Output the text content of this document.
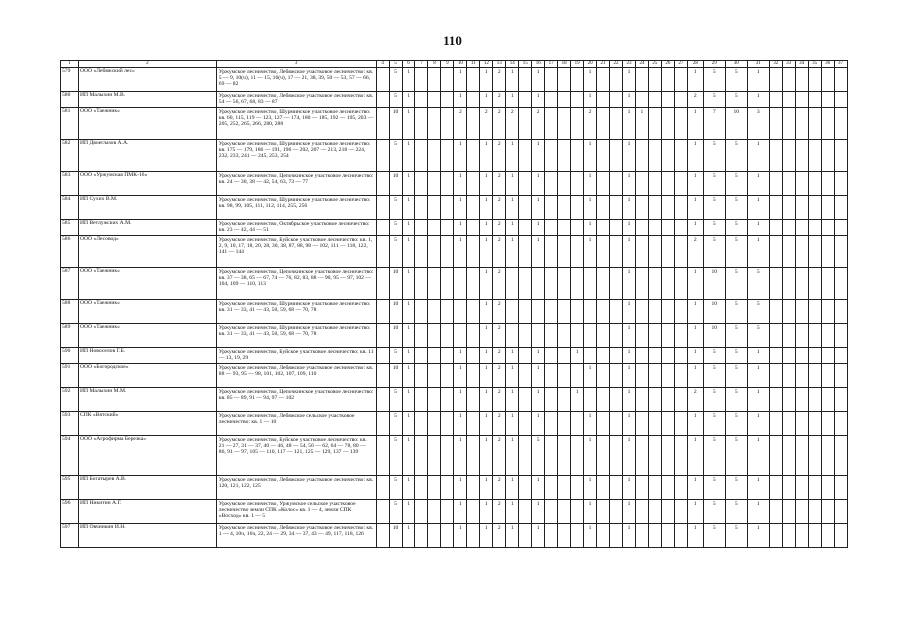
110
1	2	3	4	5	6	7	8	9	10	11	12	13	14	15	16	17	18	19	20	21	22	23	24	25	26	27	28	29	30	31	32	33	34	35	36	37
579	ООО «Лебяжский лес»	Уржумское лесничество, Лебяжское участковое лесничество: кв. 5 — 9, 10(ч), 11 — 15, 16(ч), 17 — 21, 38, 39, 50 — 53, 57 — 66, 69 — 82		5	1				1		1	2	1		1				1			1					1	5	5	1						
580	ИП Малыхин М.В.	Уржумское лесничество, Лебяжское участковое лесничество: кв. 54 — 56, 67, 68, 83 — 87		5	1				1		1	2	1		1				1			1					2	5	5	1						
581	ООО «Таежник»	Уржумское лесничество, Шурминское участковое лесничество: кв. 60, 115, 119 — 123, 127 — 174, 180 — 185, 192 — 195, 203 — 205, 252, 265, 266, 280, 288		10	1				2		2	2	2		2				2			1	1				1	7	10	3						
582	ИП Двоеглазов А.А.	Уржумское лесничество, Шурминское участковое лесничество: кв. 175 — 179, 186 — 191, 196 — 202, 207 — 213, 218 — 224, 232, 233, 241 — 245, 253, 254		5	1				1		1	2	1		1				1			1					1	5	5	1						
583	ООО «Уржумская ПМК-16»	Уржумское лесничество, Цепочкинское участковое лесничество: кв. 24 — 30, 38 — 42, 54, 63, 73 — 77		10	1				1		1	2	1		1				1			1					1	5	5	1						
584	ИП Сухих В.М.	Уржумское лесничество, Шурминское участковое лесничество: кв. 98, 99, 105, 111, 112, 114, 255, 256		5	1				1		1	2	1		1				1			1					1	5	5	1						
585	ИП Ветлужских А.М.	Уржумское лесничество, Октябрьское участковое лесничество: кв. 23 — 42, 44 — 51		5	1				1		1	2	1		1				1			1					1	5	5	1						
586	ООО «Лесовод»	Уржумское лесничество, Буйское участковое лесничество: кв. 1, 2, 9, 10, 17, 18, 20, 28, 30, 38, 87, 88, 98 — 102, 111 — 118, 122, 141 — 144		5	1				1		1	2	1		1				1			1					2	5	5	1						
587	ООО «Таежник»	Уржумское лесничество, Цепочкинское участковое лесничество: кв. 37 — 38, 65 — 67, 74 — 76, 82, 83, 88 — 90, 95 — 97, 102 — 104, 109 — 110, 113		10	1						1	2										1					1	10	5	5						
588	ООО «Таежник»	Уржумское лесничество, Шурминское участковое лесничество: кв. 31 — 33, 41 — 43, 50, 59, 68 — 70, 78		10	1						1	2										1					1	10	5	5						
589	ООО «Таежник»	Уржумское лесничество, Шурминское участковое лесничество: кв. 31 — 33, 41 — 43, 50, 59, 68 — 70, 78		10	1						1	2										1					1	10	5	5						
590	ИП Новоселов Г.Б.	Уржумское лесничество, Буйское участковое лесничество: кв. 11 — 13, 19, 29		5	1				1		1	2	1		1			1				1					1	5	5	1						
591	ООО «Богородское»	Уржумское лесничество, Лебяжское участковое лесничество: кв. 88 — 93, 95 — 98, 101, 102, 107, 109, 110		10	1				1		1	2	1		1				1			1					1	5	5	1						
592	ИП Малыхин М.М.	Уржумское лесничество, Цепочкинское участковое лесничество: кв. 85 — 89, 91 — 94, 97 — 102		5	1				1		1	2	1		1			1				1					2	5	5	1						
593	СПК «Вятский»	Уржумское лесничество, Лебяжское сельское участковое лесничество: кв. 1 — 10		5	1				1		1	2	1		1				1			1					1	5	5	1						
594	ООО «Агрофирма Березка»	Уржумское лесничество, Буйское участковое лесничество: кв. 21 — 27, 31 — 37, 40 — 46, 48 — 54, 56 — 62, 64 — 78, 80 — 86, 91 — 97, 105 — 110, 117 — 121, 125 — 129, 137 — 139		5	1				1		1	2	1		5				1			1					1	5	5	1						
595	ИП Богатырев А.В.	Уржумское лесничество, Лебяжское участковое лесничество: кв. 120, 121, 122, 125		5	1				1		1	2	1		1				1			1					1	5	5	1						
596	ИП Никитин А.Г.	Уржумское лесничество, Уржумское сельское участковое лесничество земли СПК «Колос» кв. 1 — 4, земли СПК «Восход» кв. 1 — 5		5	1				1		1	2	1		1				1			1					1	5	5	1						
597	ИП Овчинкин И.Н.	Уржумское лесничество, Лебяжское участковое лесничество: кв. 1 — 4, 10ч, 16ч, 22, 24 — 29, 34 — 37, 43 — 49, 117, 118, 126		10	1				1		1	2	1		1				1			1					1	5	5	1						
